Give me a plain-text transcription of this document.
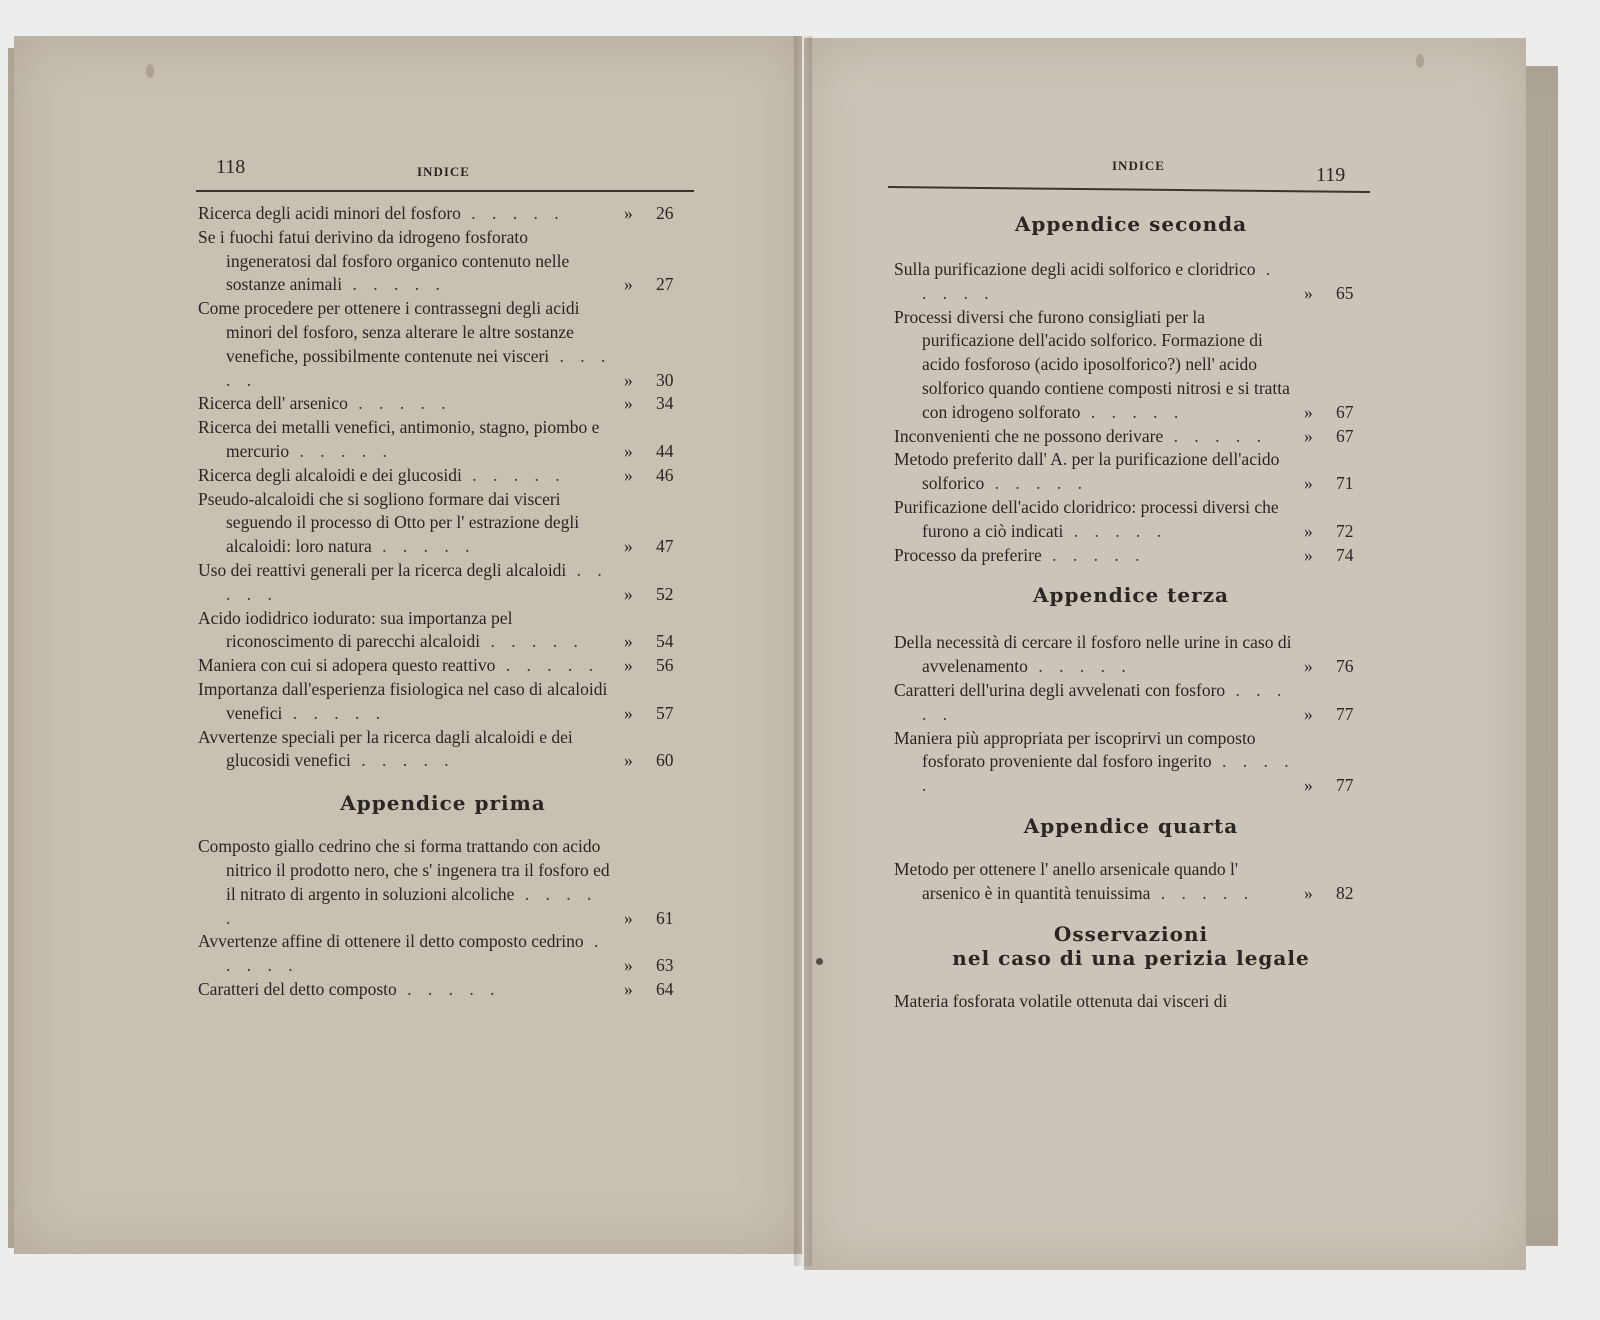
118	INDICE
Ricerca degli acidi minori del fosforo . . . . .	» 26
Se i fuochi fatui derivino da idrogeno fosforato ingeneratosi dal fosforo organico contenuto nelle sostanze animali . . . . .	» 27
Come procedere per ottenere i contrassegni degli acidi minori del fosforo, senza alterare le altre sostanze venefiche, possibilmente contenute nei visceri . . . . .	» 30
Ricerca dell' arsenico . . . . .	» 34
Ricerca dei metalli venefici, antimonio, stagno, piombo e mercurio . . . . .	» 44
Ricerca degli alcaloidi e dei glucosidi . . . . .	» 46
Pseudo-alcaloidi che si sogliono formare dai visceri seguendo il processo di Otto per l' estrazione degli alcaloidi: loro natura . . . . .	» 47
Uso dei reattivi generali per la ricerca degli alcaloidi . . . . .	» 52
Acido iodidrico iodurato: sua importanza pel riconoscimento di parecchi alcaloidi . . . . .	» 54
Maniera con cui si adopera questo reattivo . . . . .	» 56
Importanza dall'esperienza fisiologica nel caso di alcaloidi venefici . . . . .	» 57
Avvertenze speciali per la ricerca dagli alcaloidi e dei glucosidi venefici . . . . .	» 60
Appendice prima
Composto giallo cedrino che si forma trattando con acido nitrico il prodotto nero, che s' ingenera tra il fosforo ed il nitrato di argento in soluzioni alcoliche . . . . .	» 61
Avvertenze affine di ottenere il detto composto cedrino . . . . .	» 63
Caratteri del detto composto . . . . .	» 64
INDICE	119
Appendice seconda
Sulla purificazione degli acidi solforico e cloridrico . . . . .	» 65
Processi diversi che furono consigliati per la purificazione dell'acido solforico. Formazione di acido fosforoso (acido iposolforico?) nell' acido solforico quando contiene composti nitrosi e si tratta con idrogeno solforato . . . . .	» 67
Inconvenienti che ne possono derivare . . . . .	» 67
Metodo preferito dall' A. per la purificazione dell'acido solforico . . . . .	» 71
Purificazione dell'acido cloridrico: processi diversi che furono a ciò indicati . . . . .	» 72
Processo da preferire . . . . .	» 74
Appendice terza
Della necessità di cercare il fosforo nelle urine in caso di avvelenamento . . . . .	» 76
Caratteri dell'urina degli avvelenati con fosforo . . . . .	» 77
Maniera più appropriata per iscoprirvi un composto fosforato proveniente dal fosforo ingerito . . . . .	» 77
Appendice quarta
Metodo per ottenere l' anello arsenicale quando l' arsenico è in quantità tenuissima . . . . .	» 82
Osservazioni
nel caso di una perizia legale
Materia fosforata volatile ottenuta dai visceri di
